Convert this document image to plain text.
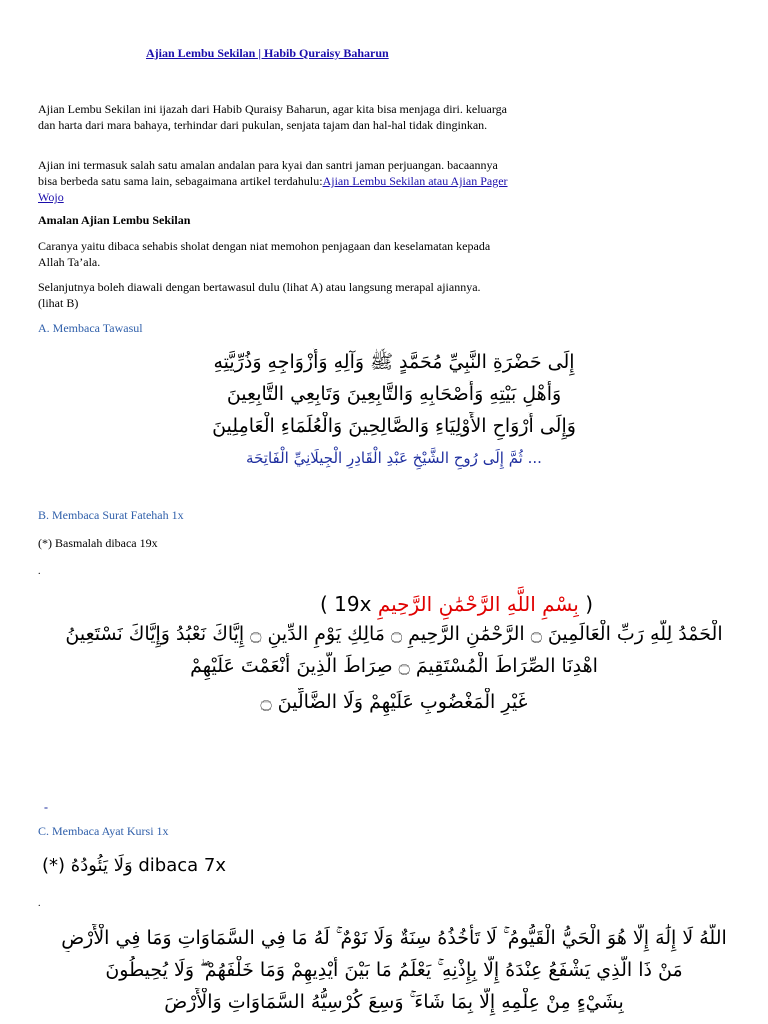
Ajian Lembu Sekilan | Habib Quraisy Baharun
Ajian Lembu Sekilan ini ijazah dari Habib Quraisy Baharun, agar kita bisa menjaga diri. keluarga dan harta dari mara bahaya, terhindar dari pukulan, senjata tajam dan hal-hal tidak dinginkan.
Ajian ini termasuk salah satu amalan andalan para kyai dan santri jaman perjuangan. bacaannya bisa berbeda satu sama lain, sebagaimana artikel terdahulu:Ajian Lembu Sekilan atau Ajian Pager Wojo
Amalan Ajian Lembu Sekilan
Caranya yaitu dibaca sehabis sholat dengan niat memohon penjagaan dan keselamatan kepada Allah Ta’ala.
Selanjutnya boleh diawali dengan bertawasul dulu (lihat A) atau langsung merapal ajiannya. (lihat B)
A. Membaca Tawasul
إِلَى حَضْرَةِ النَّبِيِّ مُحَمَّدٍ ﷺ وَآلِهِ وَأَزْوَاجِهِ وَذُرِّيَّتِهِ
وَأَهْلِ بَيْتِهِ وَأَصْحَابِهِ وَالتَّابِعِينَ وَتَابِعِي التَّابِعِينَ
وَإِلَى أَرْوَاحِ الأَوْلِيَاءِ وَالصَّالِحِينَ وَالْعُلَمَاءِ الْعَامِلِينَ
... ثُمَّ إِلَى رُوحِ الشَّيْخِ عَبْدِ الْقَادِرِ الْجِيلَانِيِّ الْفَاتِحَة
B. Membaca Surat Fatehah 1x
(*) Basmalah dibaca 19x
.
( 19x بِسْمِ اللَّهِ الرَّحْمَٰنِ الرَّحِيمِ )
الْحَمْدُ لِلَّهِ رَبِّ الْعَالَمِينَ ۝ الرَّحْمَٰنِ الرَّحِيمِ ۝ مَالِكِ يَوْمِ الدِّينِ ۝ إِيَّاكَ نَعْبُدُ وَإِيَّاكَ نَسْتَعِينُ
اهْدِنَا الصِّرَاطَ الْمُسْتَقِيمَ ۝ صِرَاطَ الَّذِينَ أَنْعَمْتَ عَلَيْهِمْ
غَيْرِ الْمَغْضُوبِ عَلَيْهِمْ وَلَا الضَّالِّينَ ۝
-
C. Membaca Ayat Kursi 1x
(*) وَلَا يَئُودُهُ dibaca 7x
.
اللَّهُ لَا إِلَٰهَ إِلَّا هُوَ الْحَيُّ الْقَيُّومُ ۚ لَا تَأْخُذُهُ سِنَةٌ وَلَا نَوْمٌ ۚ لَهُ مَا فِي السَّمَاوَاتِ وَمَا فِي الْأَرْضِ
مَنْ ذَا الَّذِي يَشْفَعُ عِنْدَهُ إِلَّا بِإِذْنِهِ ۚ يَعْلَمُ مَا بَيْنَ أَيْدِيهِمْ وَمَا خَلْفَهُمْ ۖ وَلَا يُحِيطُونَ
بِشَيْءٍ مِنْ عِلْمِهِ إِلَّا بِمَا شَاءَ ۚ وَسِعَ كُرْسِيُّهُ السَّمَاوَاتِ وَالْأَرْضَ
